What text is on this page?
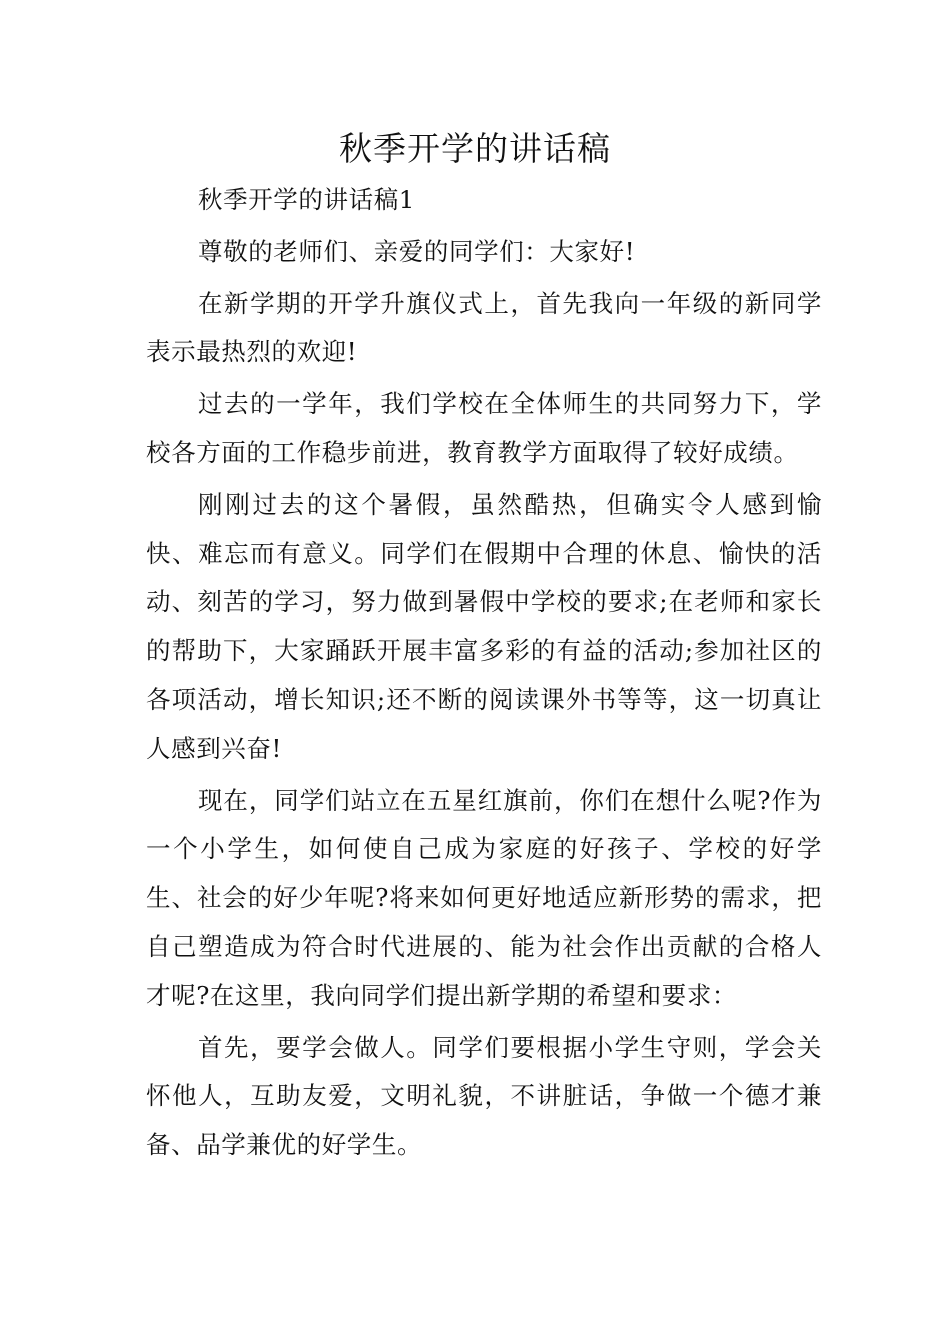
秋季开学的讲话稿

秋季开学的讲话稿1

尊敬的老师们、亲爱的同学们：大家好!

在新学期的开学升旗仪式上，首先我向一年级的新同学表示最热烈的欢迎!

过去的一学年，我们学校在全体师生的共同努力下，学校各方面的工作稳步前进，教育教学方面取得了较好成绩。

刚刚过去的这个暑假，虽然酷热，但确实令人感到愉快、难忘而有意义。同学们在假期中合理的休息、愉快的活动、刻苦的学习，努力做到暑假中学校的要求;在老师和家长的帮助下，大家踊跃开展丰富多彩的有益的活动;参加社区的各项活动，增长知识;还不断的阅读课外书等等，这一切真让人感到兴奋!

现在，同学们站立在五星红旗前，你们在想什么呢?作为一个小学生，如何使自己成为家庭的好孩子、学校的好学生、社会的好少年呢?将来如何更好地适应新形势的需求，把自己塑造成为符合时代进展的、能为社会作出贡献的合格人才呢?在这里，我向同学们提出新学期的希望和要求：

首先，要学会做人。同学们要根据小学生守则，学会关怀他人，互助友爱，文明礼貌，不讲脏话，争做一个德才兼备、品学兼优的好学生。
